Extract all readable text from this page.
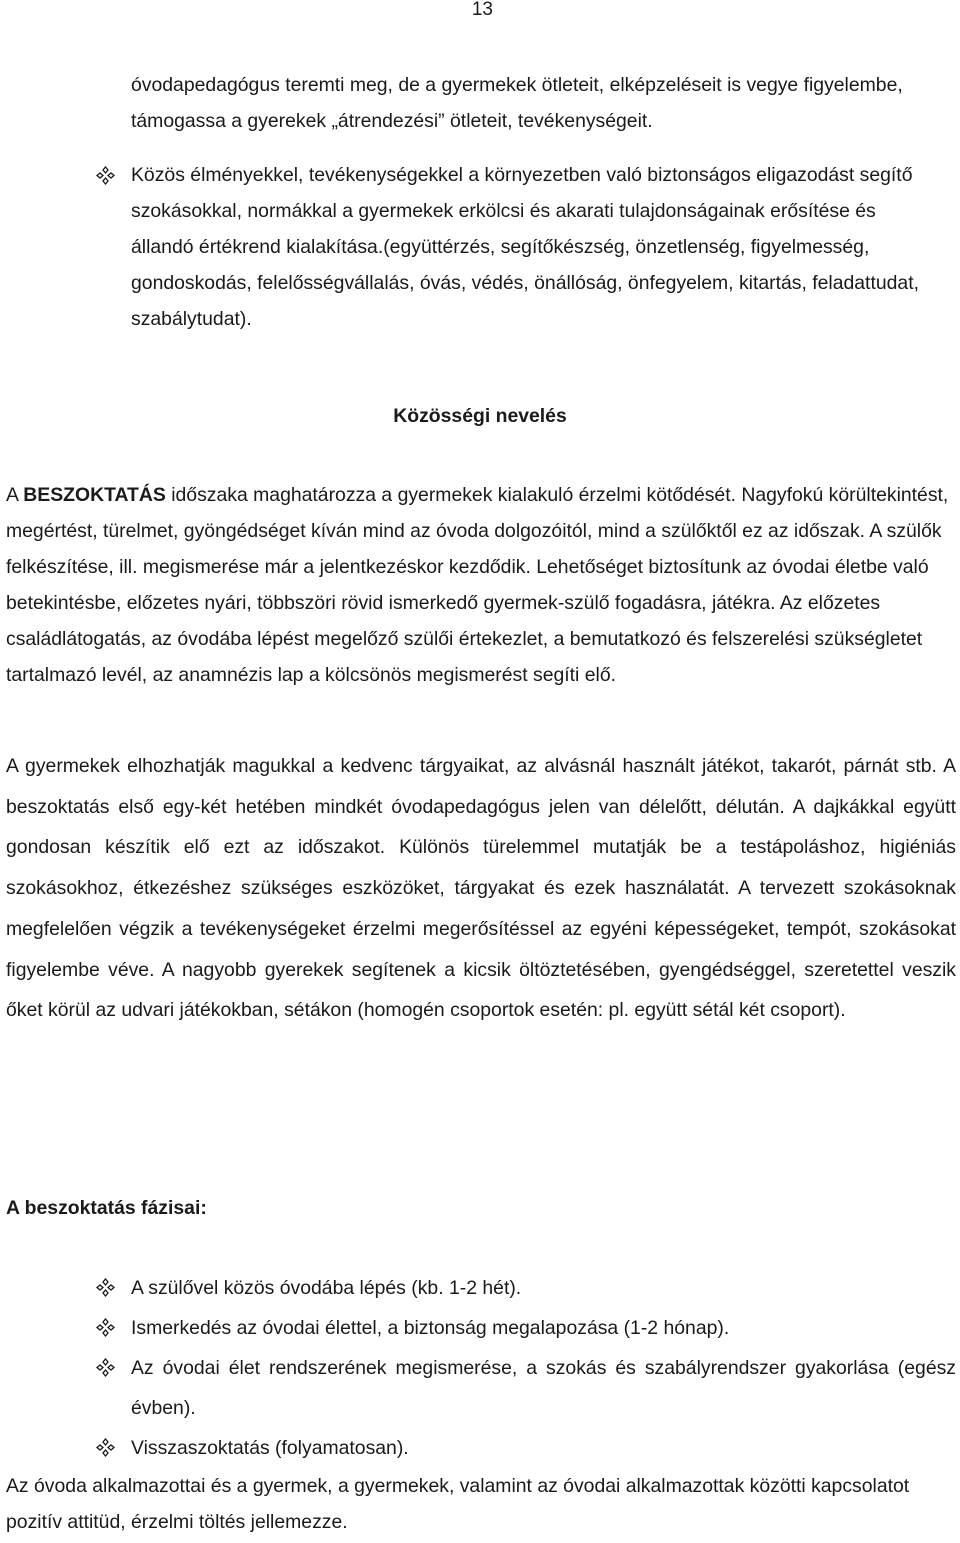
13

óvodapedagógus teremti meg, de a gyermekek ötleteit, elképzeléseit is vegye figyelembe, támogassa a gyerekek „átrendezési” ötleteit, tevékenységeit.

Közös élményekkel, tevékenységekkel a környezetben való biztonságos eligazodást segítő szokásokkal, normákkal a gyermekek erkölcsi és akarati tulajdonságainak erősítése és állandó értékrend kialakítása.(együttérzés, segítőkészség, önzetlenség, figyelmesség, gondoskodás, felelősségvállalás, óvás, védés, önállóság, önfegyelem, kitartás, feladattudat, szabálytudat).

Közösségi nevelés

A BESZOKTATÁS időszaka maghatározza a gyermekek kialakuló érzelmi kötődését. Nagyfokú körültekintést, megértést, türelmet, gyöngédséget kíván mind az óvoda dolgozóitól, mind a szülőktől ez az időszak. A szülők felkészítése, ill. megismerése már a jelentkezéskor kezdődik. Lehetőséget biztosítunk az óvodai életbe való betekintésbe, előzetes nyári, többszöri rövid ismerkedő gyermek-szülő fogadásra, játékra. Az előzetes családlátogatás, az óvodába lépést megelőző szülői értekezlet, a bemutatkozó és felszerelési szükségletet tartalmazó levél, az anamnézis lap a kölcsönös megismerést segíti elő.

A gyermekek elhozhatják magukkal a kedvenc tárgyaikat, az alvásnál használt játékot, takarót, párnát stb. A beszoktatás első egy-két hetében mindkét óvodapedagógus jelen van délelőtt, délután. A dajkákkal együtt gondosan készítik elő ezt az időszakot. Különös türelemmel mutatják be a testápoláshoz, higiéniás szokásokhoz, étkezéshez szükséges eszközöket, tárgyakat és ezek használatát. A tervezett szokásoknak megfelelően végzik a tevékenységeket érzelmi megerősítéssel az egyéni képességeket, tempót, szokásokat figyelembe véve. A nagyobb gyerekek segítenek a kicsik öltöztetésében, gyengédséggel, szeretettel veszik őket körül az udvari játékokban, sétákon (homogén csoportok esetén: pl. együtt sétál két csoport).

A beszoktatás fázisai:

A szülővel közös óvodába lépés (kb. 1-2 hét).

Ismerkedés az óvodai élettel, a biztonság megalapozása (1-2 hónap).

Az óvodai élet rendszerének megismerése, a szokás és szabályrendszer gyakorlása (egész évben).

Visszaszoktatás (folyamatosan).

Az óvoda alkalmazottai és a gyermek, a gyermekek, valamint az óvodai alkalmazottak közötti kapcsolatot pozitív attitüd, érzelmi töltés jellemezze.
